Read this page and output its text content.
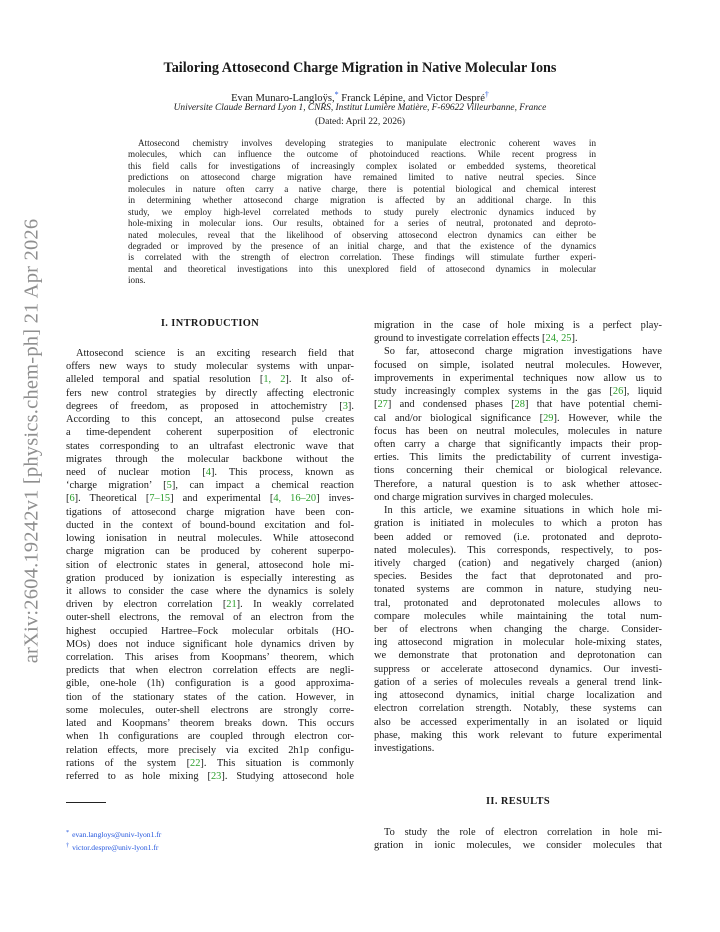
arXiv:2604.19242v1 [physics.chem-ph] 21 Apr 2026
Tailoring Attosecond Charge Migration in Native Molecular Ions
Evan Munaro-Langloÿs,* Franck Lépine, and Victor Despré†
Universite Claude Bernard Lyon 1, CNRS, Institut Lumière Matière, F-69622 Villeurbanne, France
(Dated: April 22, 2026)
Attosecond chemistry involves developing strategies to manipulate electronic coherent waves in
molecules, which can influence the outcome of photoinduced reactions. While recent progress in
this field calls for investigations of increasingly complex isolated or embedded systems, theoretical
predictions on attosecond charge migration have remained limited to native neutral species. Since
molecules in nature often carry a native charge, there is potential biological and chemical interest
in determining whether attosecond charge migration is affected by an additional charge. In this
study, we employ high-level correlated methods to study purely electronic dynamics induced by
hole-mixing in molecular ions. Our results, obtained for a series of neutral, protonated and deproto-
nated molecules, reveal that the likelihood of observing attosecond electron dynamics can either be
degraded or improved by the presence of an initial charge, and that the existence of the dynamics
is correlated with the strength of electron correlation. These findings will stimulate further experi-
mental and theoretical investigations into this unexplored field of attosecond dynamics in molecular
ions.
I. INTRODUCTION
Attosecond science is an exciting research field that
offers new ways to study molecular systems with unpar-
alleled temporal and spatial resolution [1, 2]. It also of-
fers new control strategies by directly affecting electronic
degrees of freedom, as proposed in attochemistry [3].
According to this concept, an attosecond pulse creates
a time-dependent coherent superposition of electronic
states corresponding to an ultrafast electronic wave that
migrates through the molecular backbone without the
need of nuclear motion [4]. This process, known as
‘charge migration’ [5], can impact a chemical reaction
[6]. Theoretical [7–15] and experimental [4, 16–20] inves-
tigations of attosecond charge migration have been con-
ducted in the context of bound-bound excitation and fol-
lowing ionisation in neutral molecules. While attosecond
charge migration can be produced by coherent superpo-
sition of electronic states in general, attosecond hole mi-
gration produced by ionization is especially interesting as
it allows to consider the case where the dynamics is solely
driven by electron correlation [21]. In weakly correlated
outer-shell electrons, the removal of an electron from the
highest occupied Hartree–Fock molecular orbitals (HO-
MOs) does not induce significant hole dynamics driven by
correlation. This arises from Koopmans’ theorem, which
predicts that when electron correlation effects are negli-
gible, one-hole (1h) configuration is a good approxima-
tion of the stationary states of the cation. However, in
some molecules, outer-shell electrons are strongly corre-
lated and Koopmans’ theorem breaks down. This occurs
when 1h configurations are coupled through electron cor-
relation effects, more precisely via excited 2h1p configu-
rations of the system [22]. This situation is commonly
referred to as hole mixing [23]. Studying attosecond hole
* evan.langloys@univ-lyon1.fr
† victor.despre@univ-lyon1.fr
migration in the case of hole mixing is a perfect play-
ground to investigate correlation effects [24, 25].
So far, attosecond charge migration investigations have
focused on simple, isolated neutral molecules. However,
improvements in experimental techniques now allow us to
study increasingly complex systems in the gas [26], liquid
[27] and condensed phases [28] that have potential chemi-
cal and/or biological significance [29]. However, while the
focus has been on neutral molecules, molecules in nature
often carry a charge that significantly impacts their prop-
erties. This limits the predictability of current investiga-
tions concerning their chemical or biological relevance.
Therefore, a natural question is to ask whether attosec-
ond charge migration survives in charged molecules.
In this article, we examine situations in which hole mi-
gration is initiated in molecules to which a proton has
been added or removed (i.e. protonated and deproto-
nated molecules). This corresponds, respectively, to pos-
itively charged (cation) and negatively charged (anion)
species. Besides the fact that deprotonated and pro-
tonated systems are common in nature, studying neu-
tral, protonated and deprotonated molecules allows to
compare molecules while maintaining the total num-
ber of electrons when changing the charge. Consider-
ing attosecond migration in molecular hole-mixing states,
we demonstrate that protonation and deprotonation can
suppress or accelerate attosecond dynamics. Our investi-
gation of a series of molecules reveals a general trend link-
ing attosecond dynamics, initial charge localization and
electron correlation strength. Notably, these systems can
also be accessed experimentally in an isolated or liquid
phase, making this work relevant to future experimental
investigations.
II. RESULTS
To study the role of electron correlation in hole mi-
gration in ionic molecules, we consider molecules that
